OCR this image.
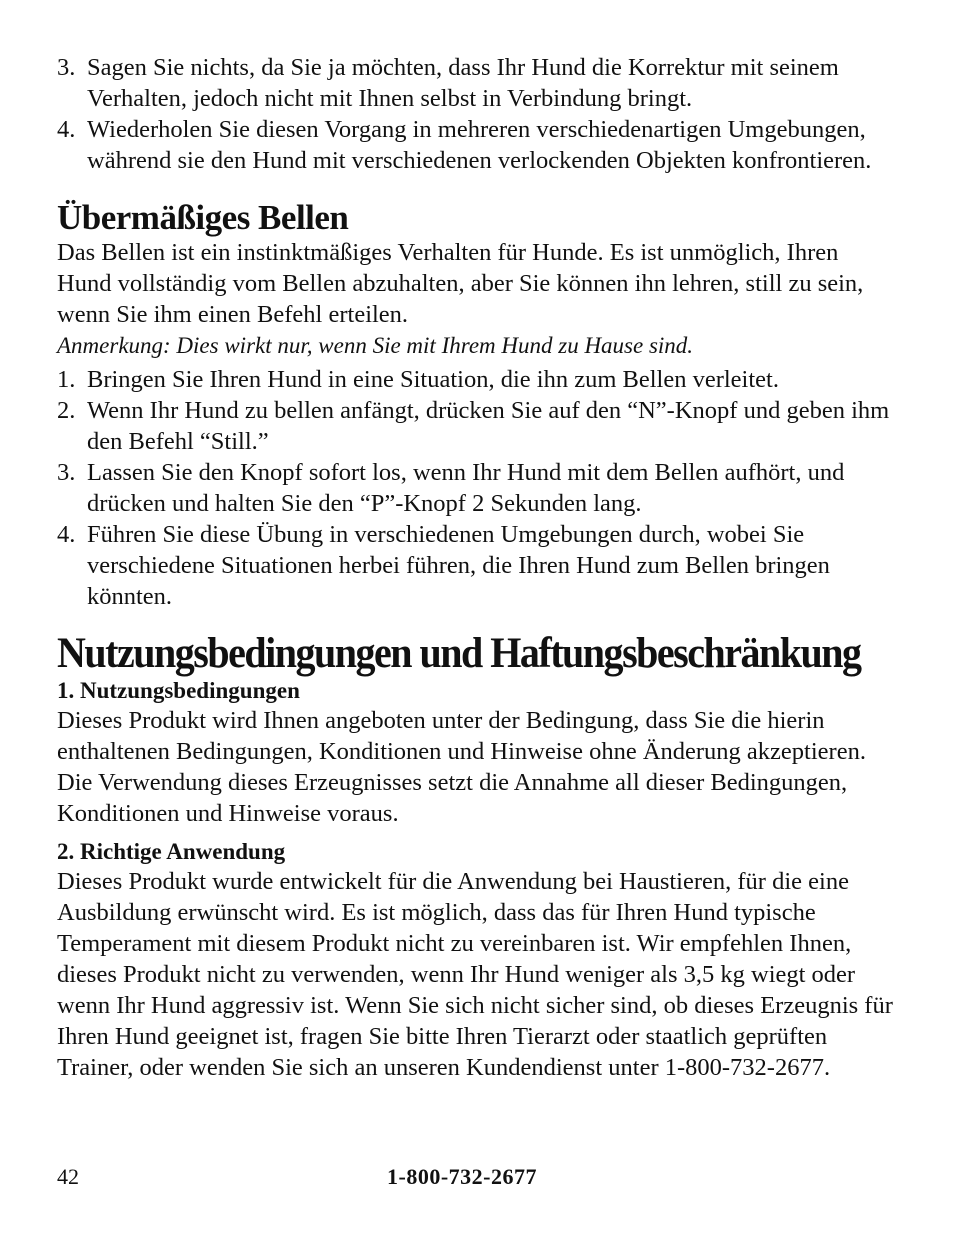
3. Sagen Sie nichts, da Sie ja möchten, dass Ihr Hund die Korrektur mit seinem Verhalten, jedoch nicht mit Ihnen selbst in Verbindung bringt.
4. Wiederholen Sie diesen Vorgang in mehreren verschiedenartigen Umgebungen, während sie den Hund mit verschiedenen verlockenden Objekten konfrontieren.
Übermäßiges Bellen

Das Bellen ist ein instinktmäßiges Verhalten für Hunde. Es ist unmöglich, Ihren Hund vollständig vom Bellen abzuhalten, aber Sie können ihn lehren, still zu sein, wenn Sie ihm einen Befehl erteilen.

Anmerkung: Dies wirkt nur, wenn Sie mit Ihrem Hund zu Hause sind.

1. Bringen Sie Ihren Hund in eine Situation, die ihn zum Bellen verleitet.
2. Wenn Ihr Hund zu bellen anfängt, drücken Sie auf den “N”-Knopf und geben ihm den Befehl “Still.”
3. Lassen Sie den Knopf sofort los, wenn Ihr Hund mit dem Bellen aufhört, und drücken und halten Sie den “P”-Knopf 2 Sekunden lang.
4. Führen Sie diese Übung in verschiedenen Umgebungen durch, wobei Sie verschiedene Situationen herbei führen, die Ihren Hund zum Bellen bringen könnten.
Nutzungsbedingungen und Haftungsbeschränkung
1. Nutzungsbedingungen

Dieses Produkt wird Ihnen angeboten unter der Bedingung, dass Sie die hierin enthaltenen Bedingungen, Konditionen und Hinweise ohne Änderung akzeptieren. Die Verwendung dieses Erzeugnisses setzt die Annahme all dieser Bedingungen, Konditionen und Hinweise voraus.

2. Richtige Anwendung

Dieses Produkt wurde entwickelt für die Anwendung bei Haustieren, für die eine Ausbildung erwünscht wird. Es ist möglich, dass das für Ihren Hund typische Temperament mit diesem Produkt nicht zu vereinbaren ist. Wir empfehlen Ihnen, dieses Produkt nicht zu verwenden, wenn Ihr Hund weniger als 3,5 kg wiegt oder wenn Ihr Hund aggressiv ist. Wenn Sie sich nicht sicher sind, ob dieses Erzeugnis für Ihren Hund geeignet ist, fragen Sie bitte Ihren Tierarzt oder staatlich geprüften Trainer, oder wenden Sie sich an unseren Kundendienst unter 1-800-732-2677.

42	1-800-732-2677
